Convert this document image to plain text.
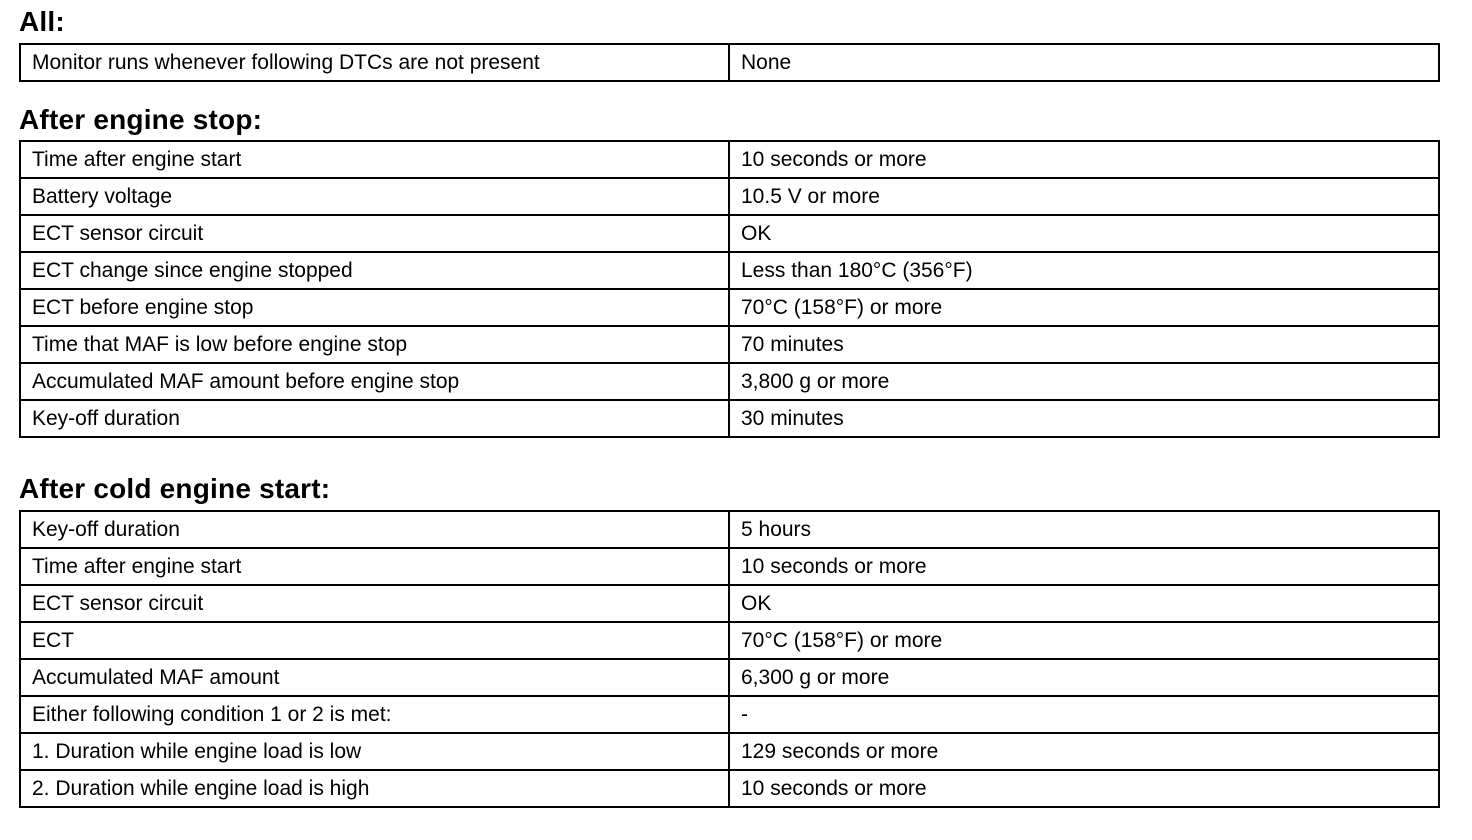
All:
Monitor runs whenever following DTCs are not present	None
After engine stop:
Time after engine start	10 seconds or more
Battery voltage	10.5 V or more
ECT sensor circuit	OK
ECT change since engine stopped	Less than 180°C (356°F)
ECT before engine stop	70°C (158°F) or more
Time that MAF is low before engine stop	70 minutes
Accumulated MAF amount before engine stop	3,800 g or more
Key-off duration	30 minutes
After cold engine start:
Key-off duration	5 hours
Time after engine start	10 seconds or more
ECT sensor circuit	OK
ECT	70°C (158°F) or more
Accumulated MAF amount	6,300 g or more
Either following condition 1 or 2 is met:	-
1. Duration while engine load is low	129 seconds or more
2. Duration while engine load is high	10 seconds or more
